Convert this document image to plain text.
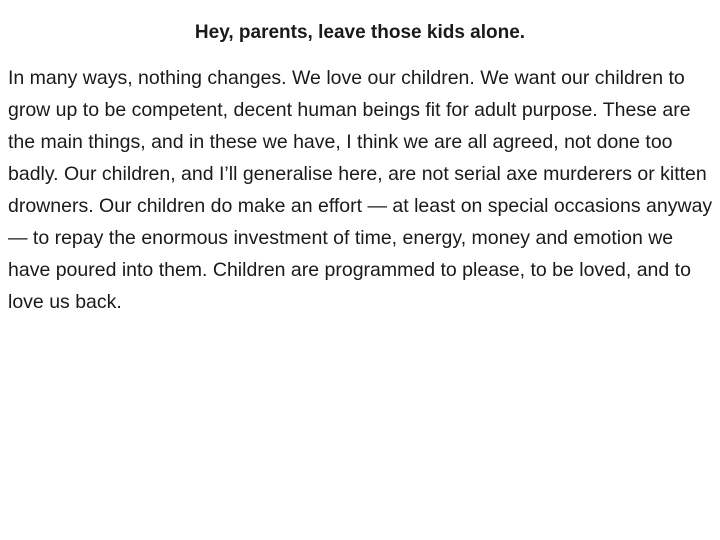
Hey, parents, leave those kids alone.

In many ways, nothing changes. We love our children. We want our children to grow up to be competent, decent human beings fit for adult purpose. These are the main things, and in these we have, I think we are all agreed, not done too badly. Our children, and I’ll generalise here, are not serial axe murderers or kitten drowners. Our children do make an effort — at least on special occasions anyway — to repay the enormous investment of time, energy, money and emotion we have poured into them. Children are programmed to please, to be loved, and to love us back.
